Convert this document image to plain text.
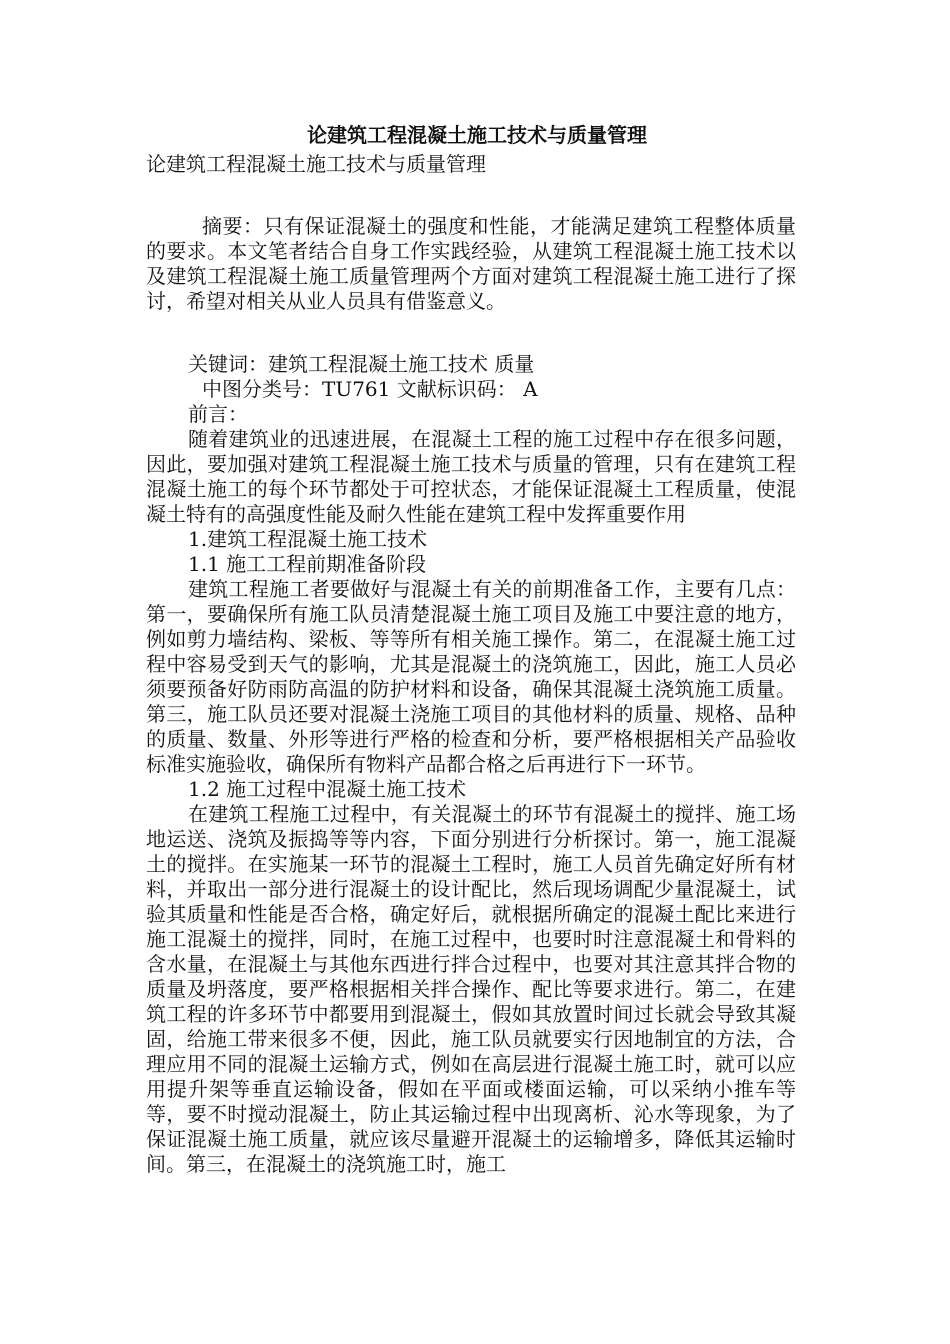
论建筑工程混凝土施工技术与质量管理
论建筑工程混凝土施工技术与质量管理

摘要：只有保证混凝土的强度和性能，才能满足建筑工程整体质量的要求。本文笔者结合自身工作实践经验，从建筑工程混凝土施工技术以及建筑工程混凝土施工质量管理两个方面对建筑工程混凝土施工进行了探讨，希望对相关从业人员具有借鉴意义。

关键词：建筑工程混凝土施工技术 质量

中图分类号：TU761 文献标识码： A

前言：

随着建筑业的迅速进展，在混凝土工程的施工过程中存在很多问题，因此，要加强对建筑工程混凝土施工技术与质量的管理，只有在建筑工程混凝土施工的每个环节都处于可控状态，才能保证混凝土工程质量，使混凝土特有的高强度性能及耐久性能在建筑工程中发挥重要作用

1.建筑工程混凝土施工技术

1.1 施工工程前期准备阶段

建筑工程施工者要做好与混凝土有关的前期准备工作，主要有几点：第一，要确保所有施工队员清楚混凝土施工项目及施工中要注意的地方，例如剪力墙结构、梁板、等等所有相关施工操作。第二，在混凝土施工过程中容易受到天气的影响，尤其是混凝土的浇筑施工，因此，施工人员必须要预备好防雨防高温的防护材料和设备，确保其混凝土浇筑施工质量。第三，施工队员还要对混凝土浇施工项目的其他材料的质量、规格、品种的质量、数量、外形等进行严格的检查和分析，要严格根据相关产品验收标准实施验收，确保所有物料产品都合格之后再进行下一环节。

1.2 施工过程中混凝土施工技术

在建筑工程施工过程中，有关混凝土的环节有混凝土的搅拌、施工场地运送、浇筑及振捣等等内容，下面分别进行分析探讨。第一，施工混凝土的搅拌。在实施某一环节的混凝土工程时，施工人员首先确定好所有材料，并取出一部分进行混凝土的设计配比，然后现场调配少量混凝土，试验其质量和性能是否合格，确定好后，就根据所确定的混凝土配比来进行施工混凝土的搅拌，同时，在施工过程中，也要时时注意混凝土和骨料的含水量，在混凝土与其他东西进行拌合过程中，也要对其注意其拌合物的质量及坍落度，要严格根据相关拌合操作、配比等要求进行。第二，在建筑工程的许多环节中都要用到混凝土，假如其放置时间过长就会导致其凝固，给施工带来很多不便，因此，施工队员就要实行因地制宜的方法，合理应用不同的混凝土运输方式，例如在高层进行混凝土施工时，就可以应用提升架等垂直运输设备，假如在平面或楼面运输，可以采纳小推车等等，要不时搅动混凝土，防止其运输过程中出现离析、沁水等现象，为了保证混凝土施工质量，就应该尽量避开混凝土的运输增多，降低其运输时间。第三，在混凝土的浇筑施工时，施工
